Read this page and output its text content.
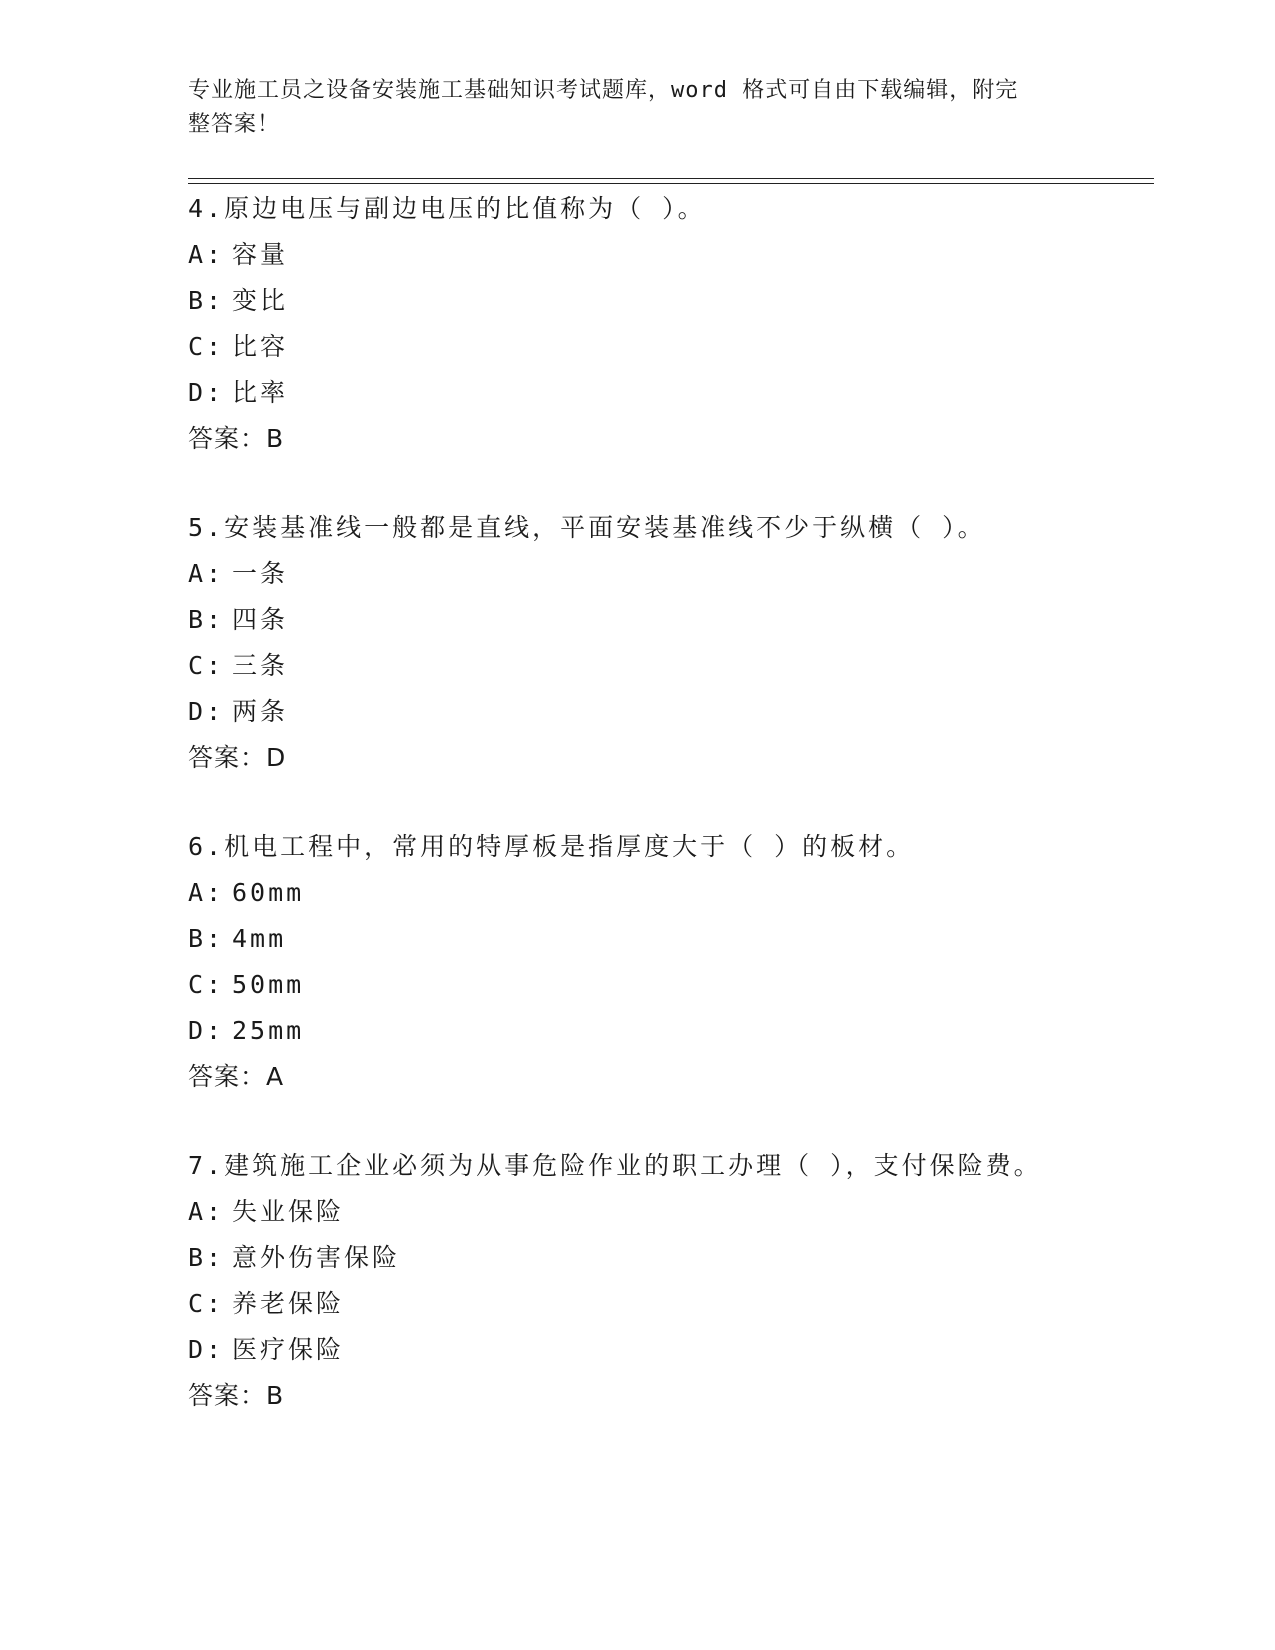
专业施工员之设备安装施工基础知识考试题库，word 格式可自由下载编辑，附完
整答案！
4.原边电压与副边电压的比值称为（ ）。
A: 容量
B: 变比
C: 比容
D: 比率
答案：B
5.安装基准线一般都是直线，平面安装基准线不少于纵横（ ）。
A: 一条
B: 四条
C: 三条
D: 两条
答案：D
6.机电工程中，常用的特厚板是指厚度大于（ ）的板材。
A: 60mm
B: 4mm
C: 50mm
D: 25mm
答案：A
7.建筑施工企业必须为从事危险作业的职工办理（ ），支付保险费。
A: 失业保险
B: 意外伤害保险
C: 养老保险
D: 医疗保险
答案：B
